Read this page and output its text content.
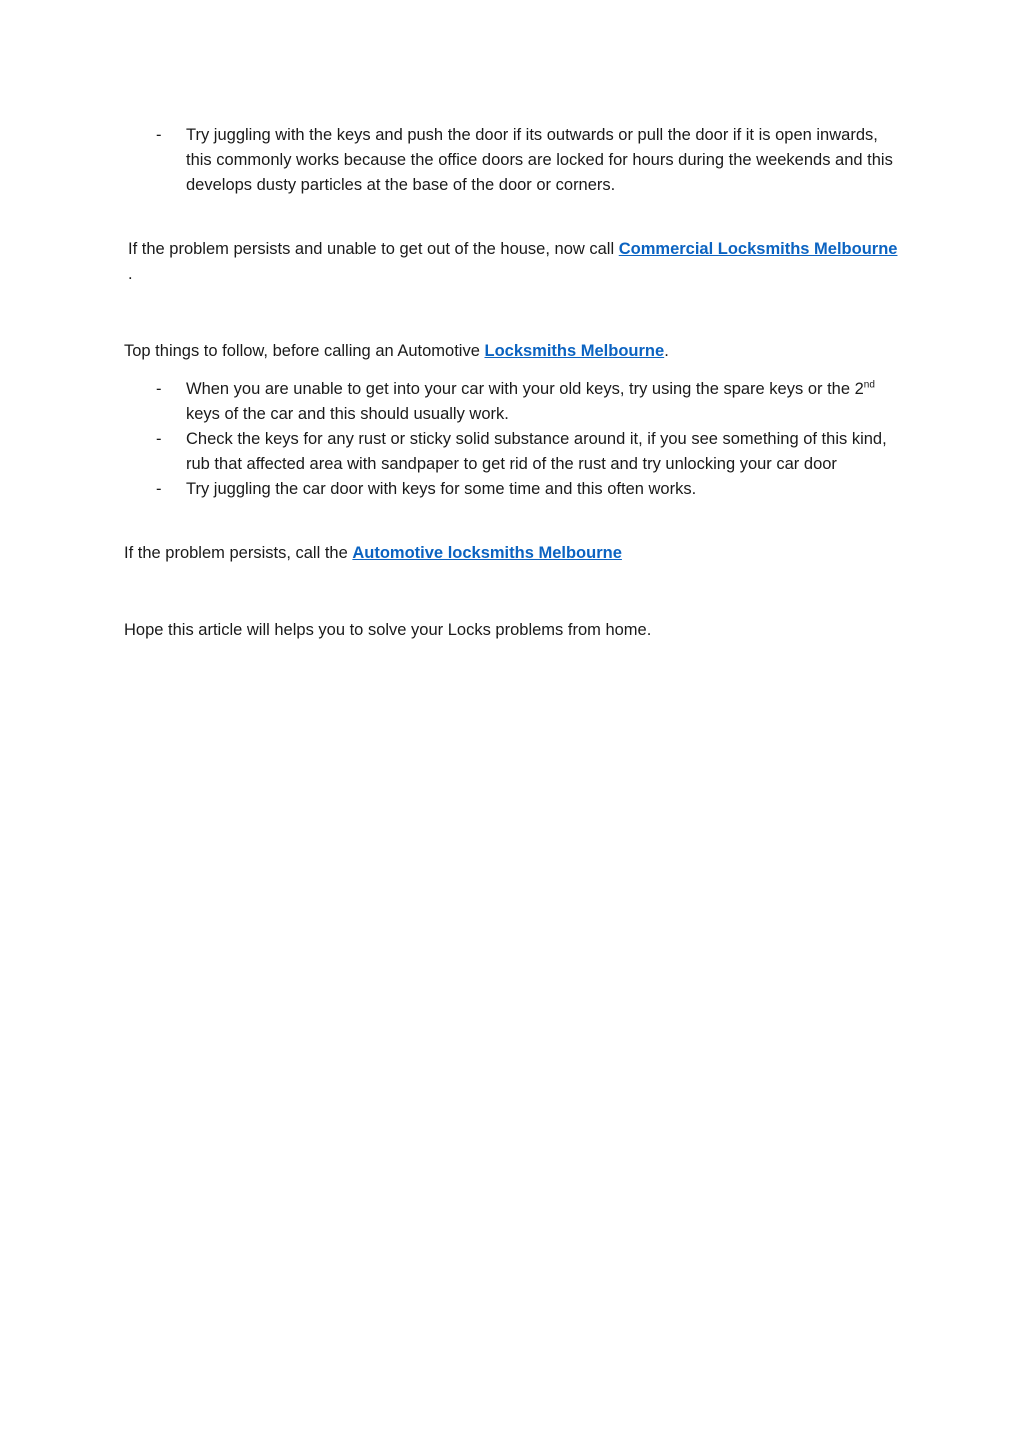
- Try juggling with the keys and push the door if its outwards or pull the door if it is open inwards, this commonly works because the office doors are locked for hours during the weekends and this develops dusty particles at the base of the door or corners.

If the problem persists and unable to get out of the house, now call Commercial Locksmiths Melbourne .

Top things to follow, before calling an Automotive Locksmiths Melbourne.

- When you are unable to get into your car with your old keys, try using the spare keys or the 2nd keys of the car and this should usually work.
- Check the keys for any rust or sticky solid substance around it, if you see something of this kind, rub that affected area with sandpaper to get rid of the rust and try unlocking your car door
- Try juggling the car door with keys for some time and this often works.

If the problem persists, call the Automotive locksmiths Melbourne

Hope this article will helps you to solve your Locks problems from home.
